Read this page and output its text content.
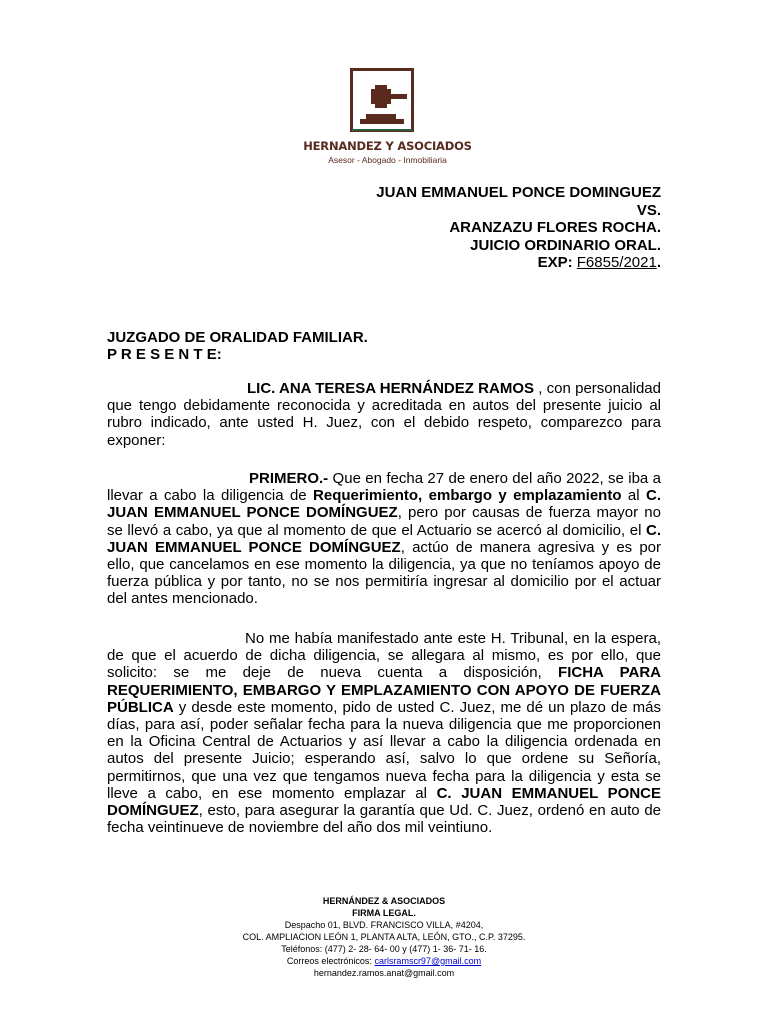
HERNANDEZ Y ASOCIADOS
Asesor - Abogado - Inmobiliaria
JUAN EMMANUEL PONCE DOMINGUEZ
VS.
ARANZAZU FLORES ROCHA.
JUICIO ORDINARIO ORAL.
EXP: F6855/2021.
JUZGADO DE ORALIDAD FAMILIAR.
P R E S E N T E:
LIC. ANA TERESA HERNÁNDEZ RAMOS , con personalidad que tengo debidamente reconocida y acreditada en autos del presente juicio al rubro indicado, ante usted H. Juez, con el debido respeto, comparezco para exponer:
PRIMERO.- Que en fecha 27 de enero del año 2022, se iba a llevar a cabo la diligencia de Requerimiento, embargo y emplazamiento al C. JUAN EMMANUEL PONCE DOMÍNGUEZ, pero por causas de fuerza mayor no se llevó a cabo, ya que al momento de que el Actuario se acercó al domicilio, el C. JUAN EMMANUEL PONCE DOMÍNGUEZ, actúo de manera agresiva y es por ello, que cancelamos en ese momento la diligencia, ya que no teníamos apoyo de fuerza pública y por tanto, no se nos permitiría ingresar al domicilio por el actuar del antes mencionado.
No me había manifestado ante este H. Tribunal, en la espera, de que el acuerdo de dicha diligencia, se allegara al mismo, es por ello, que solicito: se me deje de nueva cuenta a disposición, FICHA PARA REQUERIMIENTO, EMBARGO Y EMPLAZAMIENTO CON APOYO DE FUERZA PÚBLICA y desde este momento, pido de usted C. Juez, me dé un plazo de más días, para así, poder señalar fecha para la nueva diligencia que me proporcionen en la Oficina Central de Actuarios y así llevar a cabo la diligencia ordenada en autos del presente Juicio; esperando así, salvo lo que ordene su Señoría, permitirnos, que una vez que tengamos nueva fecha para la diligencia y esta se lleve a cabo, en ese momento emplazar al C. JUAN EMMANUEL PONCE DOMÍNGUEZ, esto, para asegurar la garantía que Ud. C. Juez, ordenó en auto de fecha veintinueve de noviembre del año dos mil veintiuno.
HERNÁNDEZ & ASOCIADOS
FIRMA LEGAL.
Despacho 01, BLVD. FRANCISCO VILLA, #4204,
COL. AMPLIACION LEÓN 1, PLANTA ALTA, LEÓN, GTO., C.P. 37295.
Teléfonos: (477) 2- 28- 64- 00 y (477) 1- 36- 71- 16.
Correos electrónicos: carlsramscr97@gmail.com
hernandez.ramos.anat@gmail.com
